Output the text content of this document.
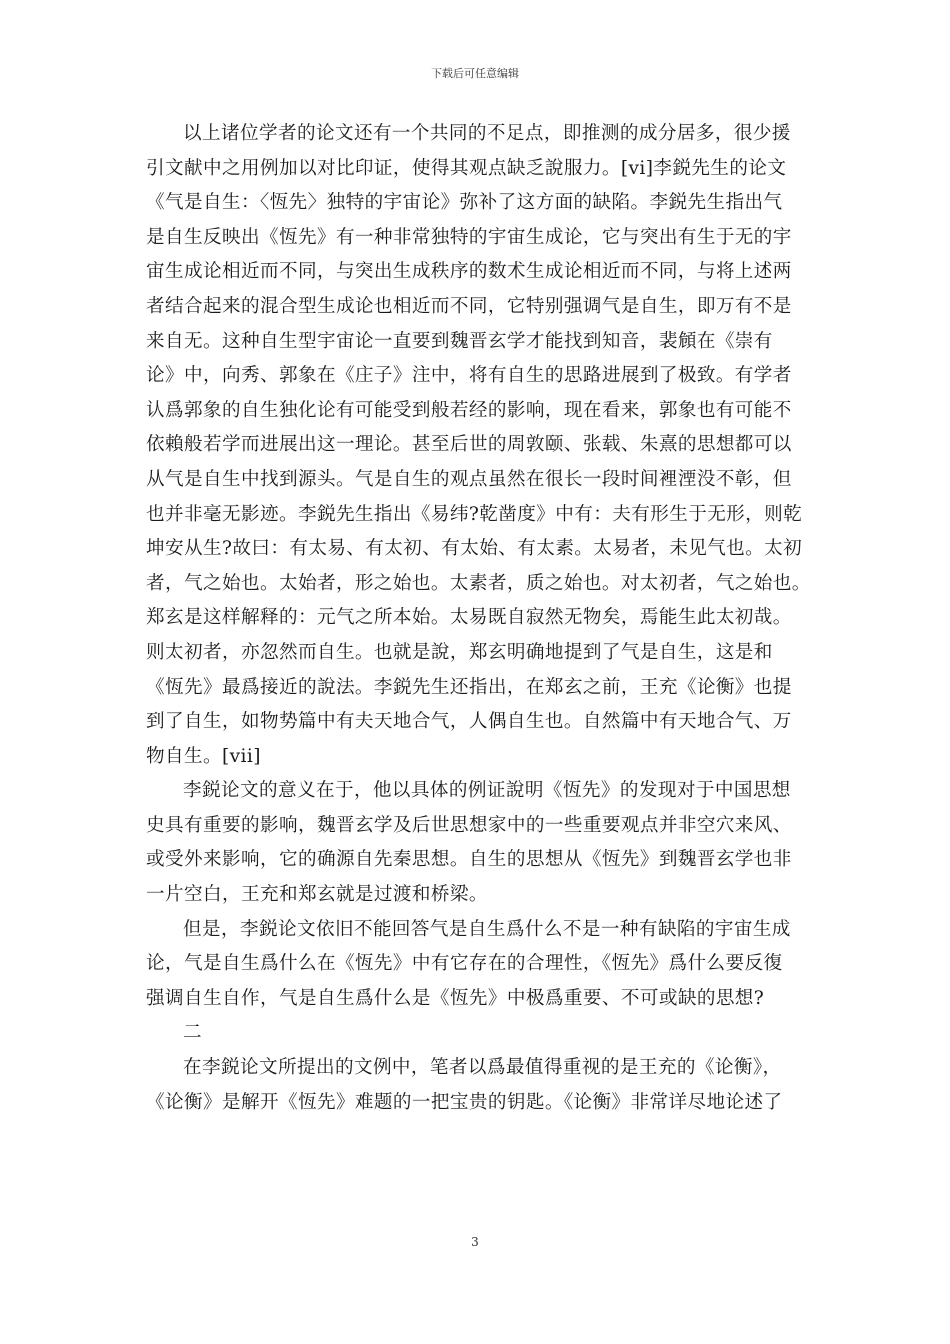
下载后可任意编辑
以上诸位学者的论文还有一个共同的不足点，即推测的成分居多，很少援
引文献中之用例加以对比印证，使得其观点缺乏說服力。[vi]李鋭先生的论文
《气是自生：〈恆先〉独特的宇宙论》弥补了这方面的缺陷。李鋭先生指出气
是自生反映出《恆先》有一种非常独特的宇宙生成论，它与突出有生于无的宇
宙生成论相近而不同，与突出生成秩序的数术生成论相近而不同，与将上述两
者结合起来的混合型生成论也相近而不同，它特别强调气是自生，即万有不是
来自无。这种自生型宇宙论一直要到魏晋玄学才能找到知音，裴頠在《崇有
论》中，向秀、郭象在《庄子》注中，将有自生的思路进展到了极致。有学者
认爲郭象的自生独化论有可能受到般若经的影响，现在看来，郭象也有可能不
依賴般若学而进展出这一理论。甚至后世的周敦颐、张载、朱熹的思想都可以
从气是自生中找到源头。气是自生的观点虽然在很长一段时间裡湮没不彰，但
也并非毫无影迹。李鋭先生指出《易纬?乾凿度》中有：夫有形生于无形，则乾
坤安从生?故曰：有太易、有太初、有太始、有太素。太易者，未见气也。太初
者，气之始也。太始者，形之始也。太素者，质之始也。对太初者，气之始也。
郑玄是这样解释的：元气之所本始。太易既自寂然无物矣，焉能生此太初哉。
则太初者，亦忽然而自生。也就是說，郑玄明确地提到了气是自生，这是和
《恆先》最爲接近的說法。李鋭先生还指出，在郑玄之前，王充《论衡》也提
到了自生，如物势篇中有夫天地合气，人偶自生也。自然篇中有天地合气、万
物自生。[vii]
李鋭论文的意义在于，他以具体的例证說明《恆先》的发现对于中国思想
史具有重要的影响，魏晋玄学及后世思想家中的一些重要观点并非空穴来风、
或受外来影响，它的确源自先秦思想。自生的思想从《恆先》到魏晋玄学也非
一片空白，王充和郑玄就是过渡和桥梁。
但是，李鋭论文依旧不能回答气是自生爲什么不是一种有缺陷的宇宙生成
论，气是自生爲什么在《恆先》中有它存在的合理性，《恆先》爲什么要反復
强调自生自作，气是自生爲什么是《恆先》中极爲重要、不可或缺的思想?
二
在李鋭论文所提出的文例中，笔者以爲最值得重视的是王充的《论衡》，
《论衡》是解开《恆先》难题的一把宝贵的钥匙。《论衡》非常详尽地论述了
3
